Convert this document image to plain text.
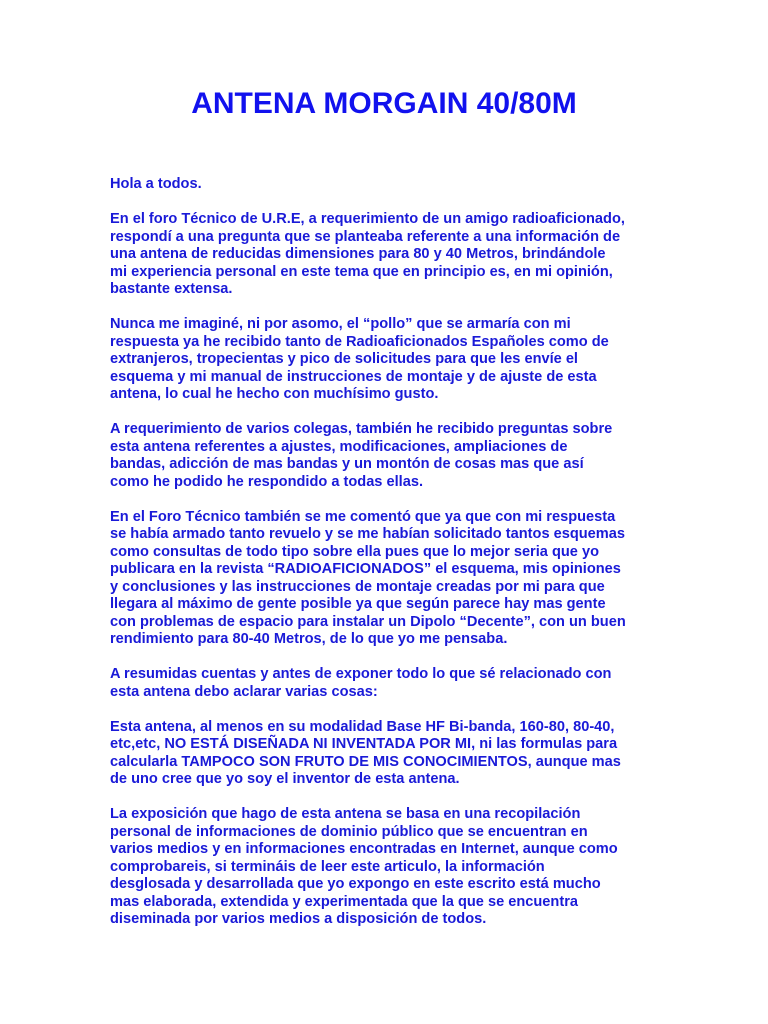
ANTENA MORGAIN 40/80M

Hola a todos.

En el foro Técnico de U.R.E, a requerimiento de un amigo radioaficionado,
respondí a una pregunta que se planteaba referente a una información de
una antena de reducidas dimensiones para 80 y 40 Metros, brindándole
mi experiencia personal en este tema que en principio es, en mi opinión,
bastante extensa.

Nunca me imaginé, ni por asomo, el “pollo” que se armaría con mi
respuesta ya he recibido tanto de Radioaficionados Españoles como de
extranjeros, tropecientas y pico de solicitudes para que les envíe el
esquema y mi manual de instrucciones de montaje y de ajuste de esta
antena, lo cual he hecho con muchísimo gusto.

A requerimiento de varios colegas, también he recibido preguntas sobre
esta antena referentes a ajustes, modificaciones, ampliaciones de
bandas, adicción de mas bandas y un montón de cosas mas que así
como he podido he respondido a todas ellas.

En el Foro Técnico también se me comentó que ya que con mi respuesta
se había armado tanto revuelo y se me habían solicitado tantos esquemas
como consultas de todo tipo sobre ella pues que lo mejor seria que yo
publicara en la revista “RADIOAFICIONADOS” el esquema, mis opiniones
y conclusiones y las instrucciones de montaje creadas por mi para que
llegara al máximo de gente posible ya que según parece hay mas gente
con problemas de espacio para instalar un Dipolo “Decente”, con un buen
rendimiento para 80-40 Metros, de lo que yo me pensaba.

A resumidas cuentas y antes de exponer todo lo que sé relacionado con
esta antena debo aclarar varias cosas:

Esta antena, al menos en su modalidad Base HF Bi-banda, 160-80, 80-40,
etc,etc, NO ESTÁ DISEÑADA NI INVENTADA POR MI, ni las formulas para
calcularla TAMPOCO SON FRUTO DE MIS CONOCIMIENTOS, aunque mas
de uno cree que yo soy el inventor de esta antena.

La exposición que hago de esta antena se basa en una recopilación
personal de informaciones de dominio público que se encuentran en
varios medios y en informaciones encontradas en Internet, aunque como
comprobareis, si termináis de leer este articulo, la información
desglosada y desarrollada que yo expongo en este escrito está mucho
mas elaborada, extendida y experimentada que la que se encuentra
diseminada por varios medios a disposición de todos.
